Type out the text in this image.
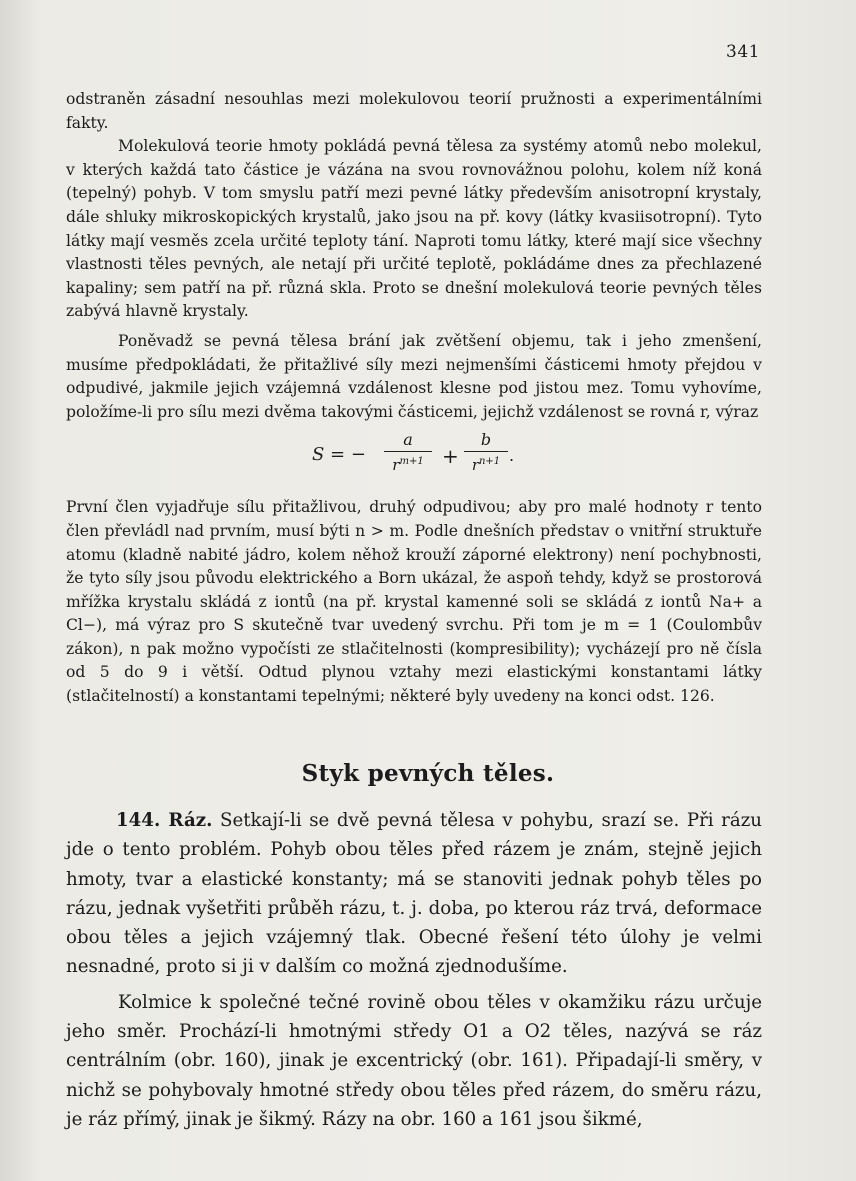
341

odstraněn zásadní nesouhlas mezi molekulovou teorií pružnosti a experimentálními fakty.

Molekulová teorie hmoty pokládá pevná tělesa za systémy atomů nebo molekul, v kterých každá tato částice je vázána na svou rovnovážnou polohu, kolem níž koná (tepelný) pohyb. V tom smyslu patří mezi pevné látky především anisotropní krystaly, dále shluky mikroskopických krystalů, jako jsou na př. kovy (látky kvasiisotropní). Tyto látky mají vesměs zcela určité teploty tání. Naproti tomu látky, které mají sice všechny vlastnosti těles pevných, ale netají při určité teplotě, pokládáme dnes za přechlazené kapaliny; sem patří na př. různá skla. Proto se dnešní molekulová teorie pevných těles zabývá hlavně krystaly.

Poněvadž se pevná tělesa brání jak zvětšení objemu, tak i jeho zmenšení, musíme předpokládati, že přitažlivé síly mezi nejmenšími částicemi hmoty přejdou v odpudivé, jakmile jejich vzájemná vzdálenost klesne pod jistou mez. Tomu vyhovíme, položíme-li pro sílu mezi dvěma takovými částicemi, jejichž vzdálenost se rovná r, výraz

S = −
a
$r^{m+1}$ +
b
$r^{n+1}$ .

První člen vyjadřuje sílu přitažlivou, druhý odpudivou; aby pro malé hodnoty r tento člen převládl nad prvním, musí býti n > m. Podle dnešních představ o vnitřní struktuře atomu (kladně nabité jádro, kolem něhož krouží záporné elektrony) není pochybnosti, že tyto síly jsou původu elektrického a Born ukázal, že aspoň tehdy, když se prostorová mřížka krystalu skládá z iontů (na př. krystal kamenné soli se skládá z iontů Na+ a Cl−), má výraz pro S skutečně tvar uvedený svrchu. Při tom je m = 1 (Coulombův zákon), n pak možno vypočísti ze stlačitelnosti (kompresibility); vycházejí pro ně čísla od 5 do 9 i větší. Odtud plynou vztahy mezi elastickými konstantami látky (stlačitelností) a konstantami tepelnými; některé byly uvedeny na konci odst. 126.

Styk pevných těles.

144. Ráz. Setkají-li se dvě pevná tělesa v pohybu, srazí se. Při rázu jde o tento problém. Pohyb obou těles před rázem je znám, stejně jejich hmoty, tvar a elastické konstanty; má se stanoviti jednak pohyb těles po rázu, jednak vyšetřiti průběh rázu, t. j. doba, po kterou ráz trvá, deformace obou těles a jejich vzájemný tlak. Obecné řešení této úlohy je velmi nesnadné, proto si ji v dalším co možná zjednodušíme.

Kolmice k společné tečné rovině obou těles v okamžiku rázu určuje jeho směr. Prochází-li hmotnými středy O1 a O2 těles, nazývá se ráz centrálním (obr. 160), jinak je excentrický (obr. 161). Připadají-li směry, v nichž se pohybovaly hmotné středy obou těles před rázem, do směru rázu, je ráz přímý, jinak je šikmý. Rázy na obr. 160 a 161 jsou šikmé,
